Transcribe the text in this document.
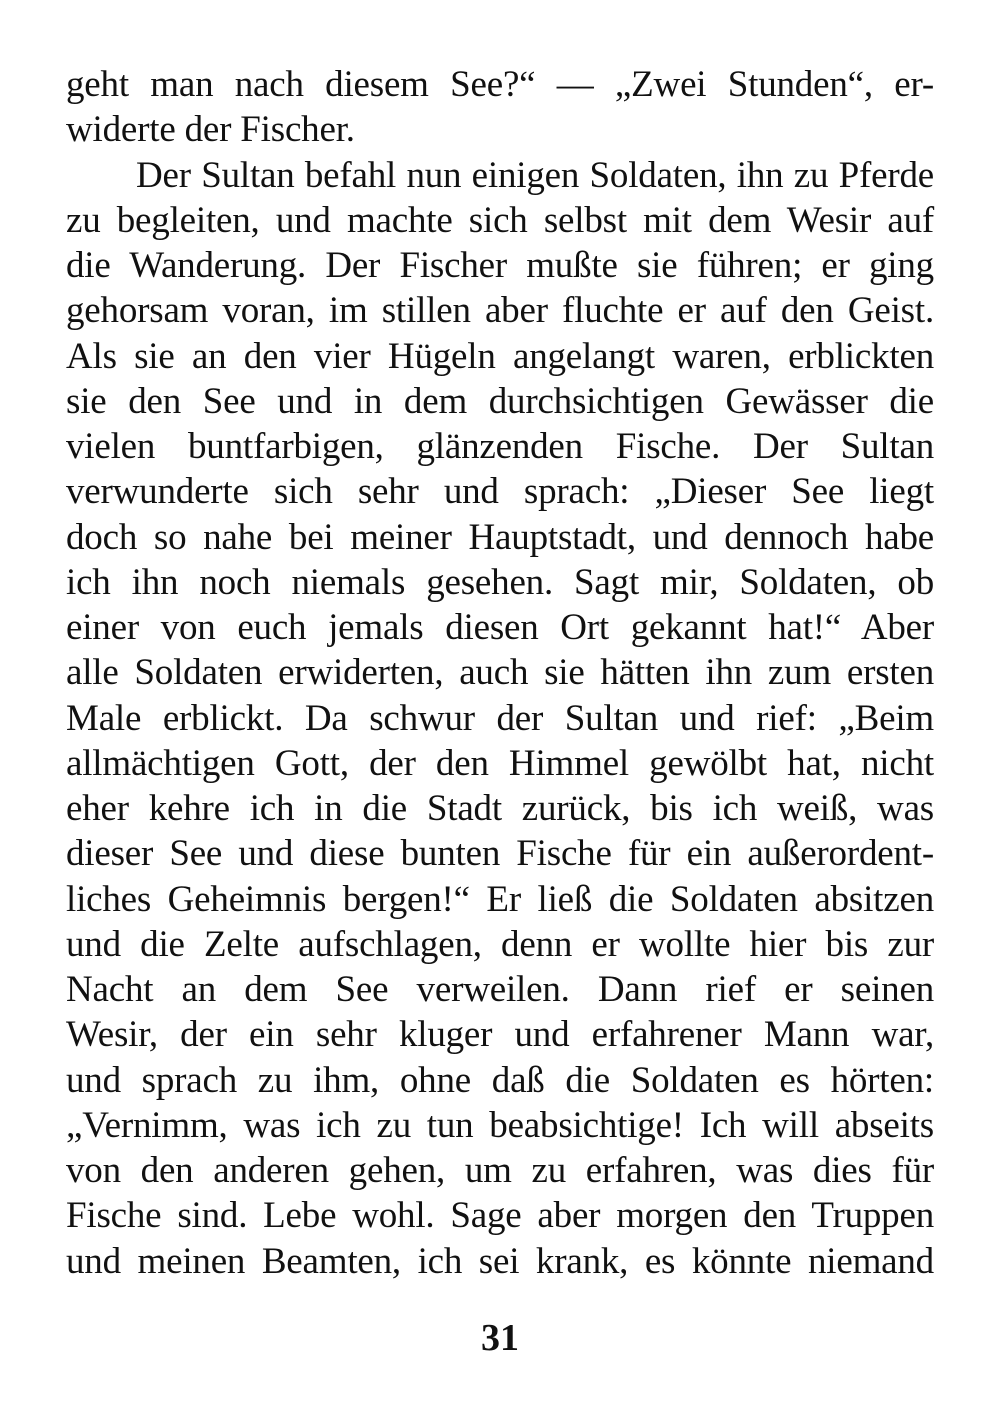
geht man nach diesem See?“ — „Zwei Stunden“, er-
widerte der Fischer.
Der Sultan befahl nun einigen Soldaten, ihn zu Pferde
zu begleiten, und machte sich selbst mit dem Wesir auf
die Wanderung. Der Fischer mußte sie führen; er ging
gehorsam voran, im stillen aber fluchte er auf den Geist.
Als sie an den vier Hügeln angelangt waren, erblickten
sie den See und in dem durchsichtigen Gewässer die
vielen buntfarbigen, glänzenden Fische. Der Sultan
verwunderte sich sehr und sprach: „Dieser See liegt
doch so nahe bei meiner Hauptstadt, und dennoch habe
ich ihn noch niemals gesehen. Sagt mir, Soldaten, ob
einer von euch jemals diesen Ort gekannt hat!“ Aber
alle Soldaten erwiderten, auch sie hätten ihn zum ersten
Male erblickt. Da schwur der Sultan und rief: „Beim
allmächtigen Gott, der den Himmel gewölbt hat, nicht
eher kehre ich in die Stadt zurück, bis ich weiß, was
dieser See und diese bunten Fische für ein außerordent-
liches Geheimnis bergen!“ Er ließ die Soldaten absitzen
und die Zelte aufschlagen, denn er wollte hier bis zur
Nacht an dem See verweilen. Dann rief er seinen
Wesir, der ein sehr kluger und erfahrener Mann war,
und sprach zu ihm, ohne daß die Soldaten es hörten:
„Vernimm, was ich zu tun beabsichtige! Ich will abseits
von den anderen gehen, um zu erfahren, was dies für
Fische sind. Lebe wohl. Sage aber morgen den Truppen
und meinen Beamten, ich sei krank, es könnte niemand
31
